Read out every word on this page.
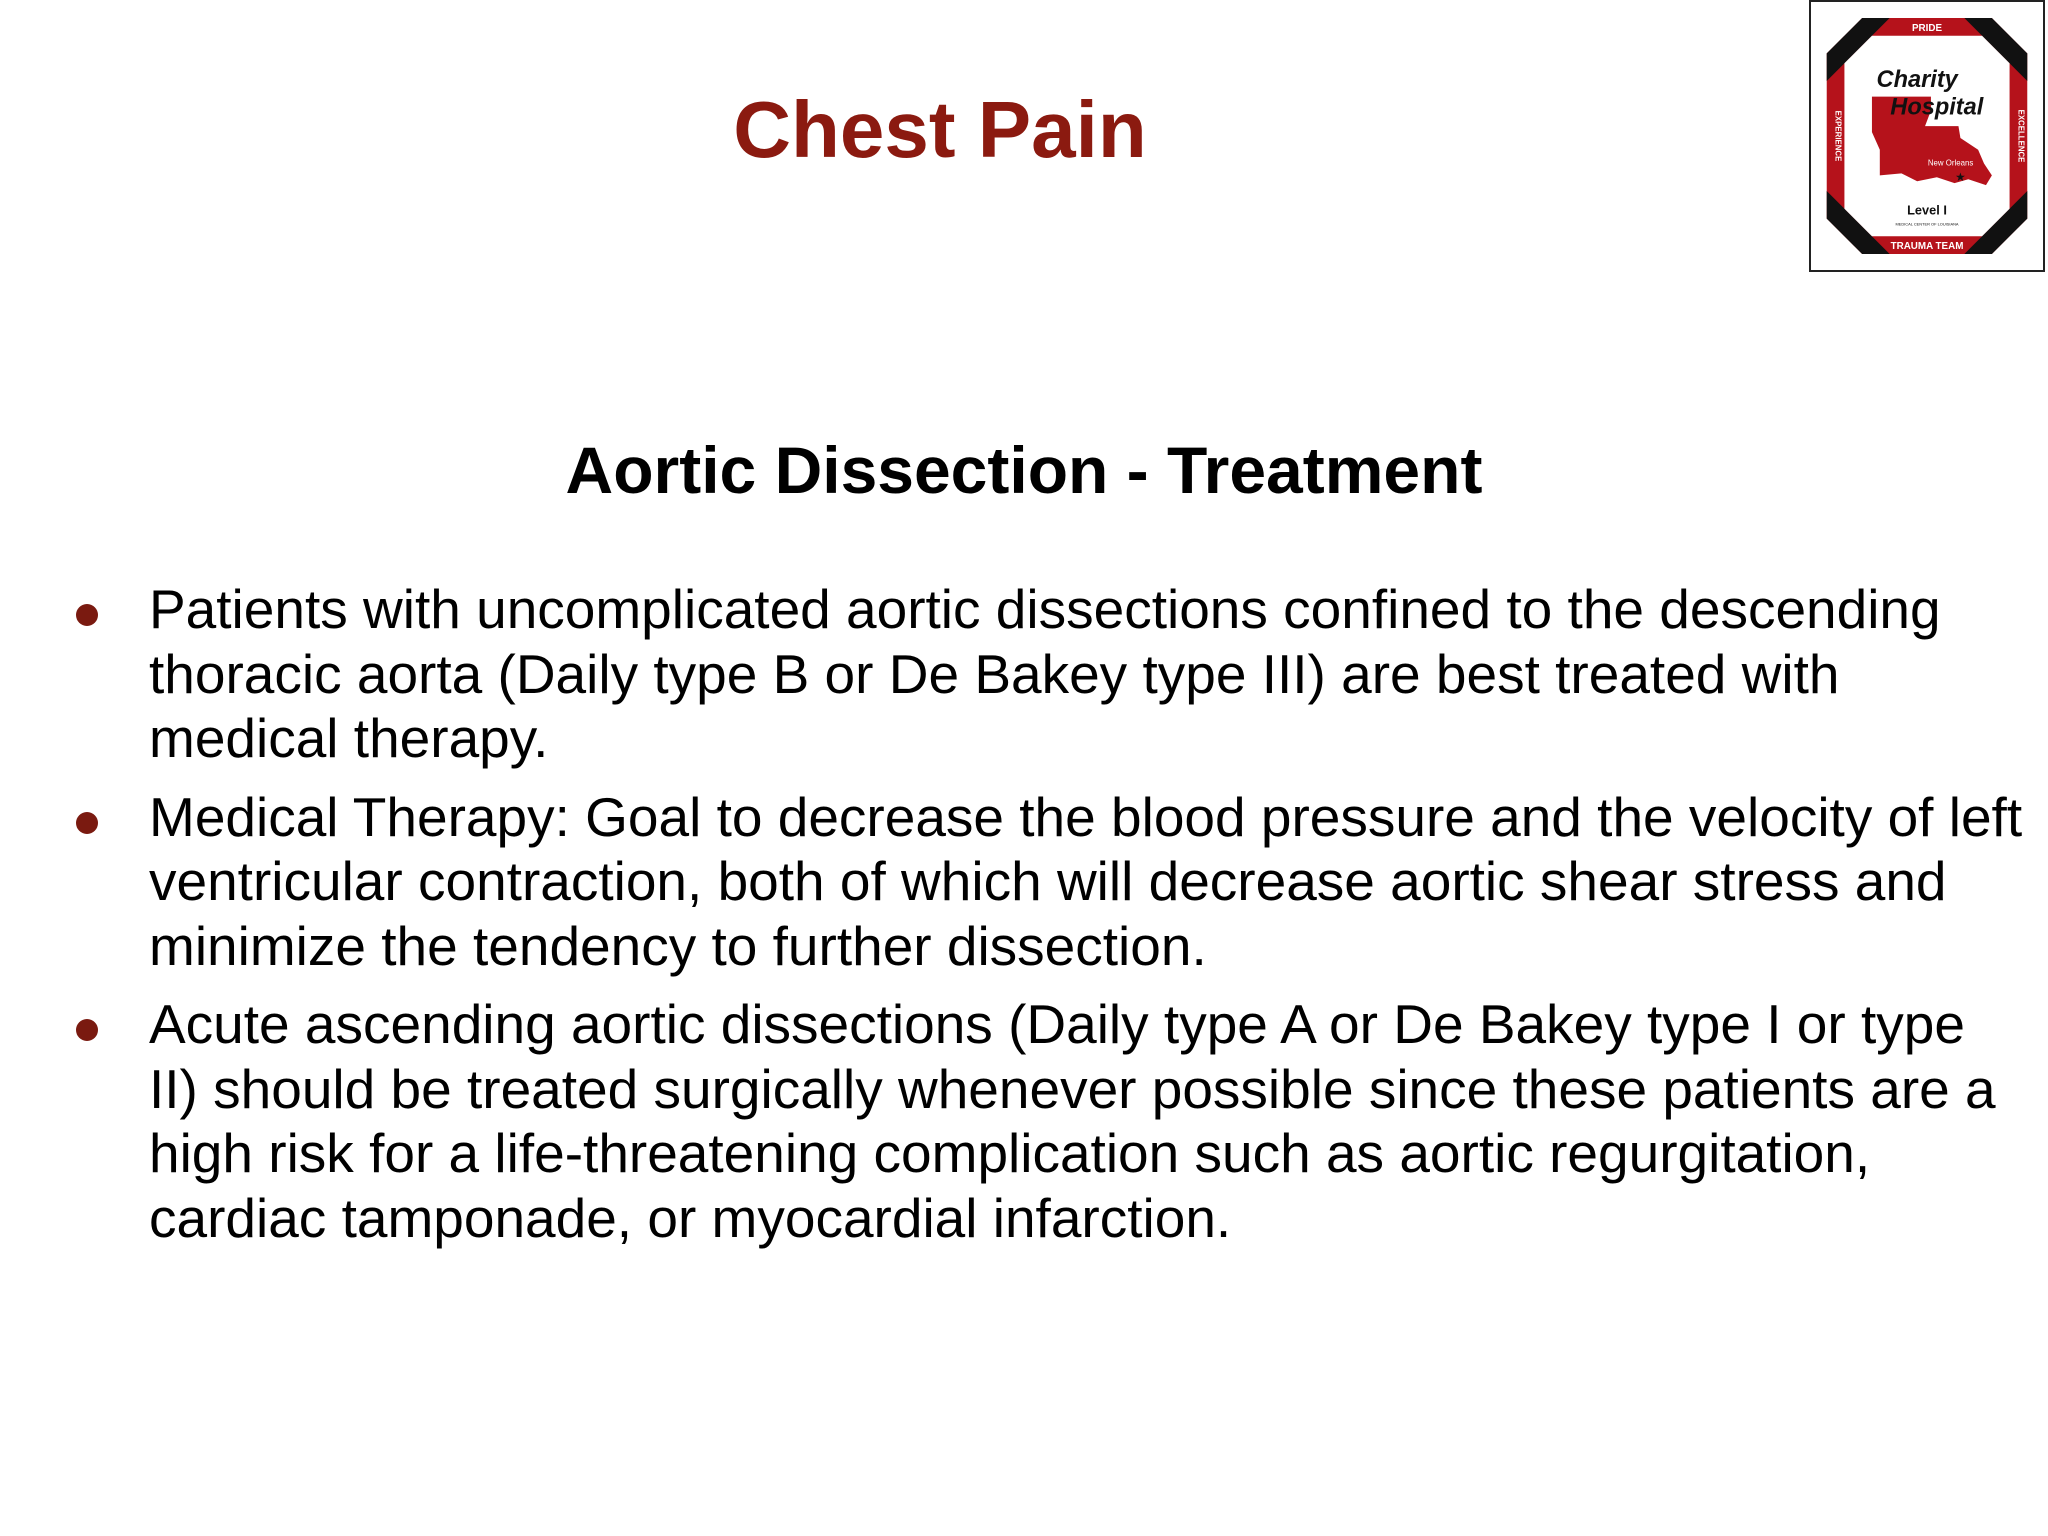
Chest Pain
PRIDE
TRAUMA TEAM
EXPERIENCE	EXCELLENCE
Charity
Hospital
New Orleans
★
Level I
MEDICAL CENTER OF LOUISIANA
Aortic Dissection - Treatment
Patients with uncomplicated aortic dissections confined to the descending thoracic aorta (Daily type B or De Bakey type III) are best treated with medical therapy.
Medical Therapy: Goal to decrease the blood pressure and the velocity of left ventricular contraction, both of which will decrease aortic shear stress and minimize the tendency to further dissection.
Acute ascending aortic dissections (Daily type A or De Bakey type I or type II) should be treated surgically whenever possible since these patients are a high risk for a life-threatening complication such as aortic regurgitation, cardiac tamponade, or myocardial infarction.
